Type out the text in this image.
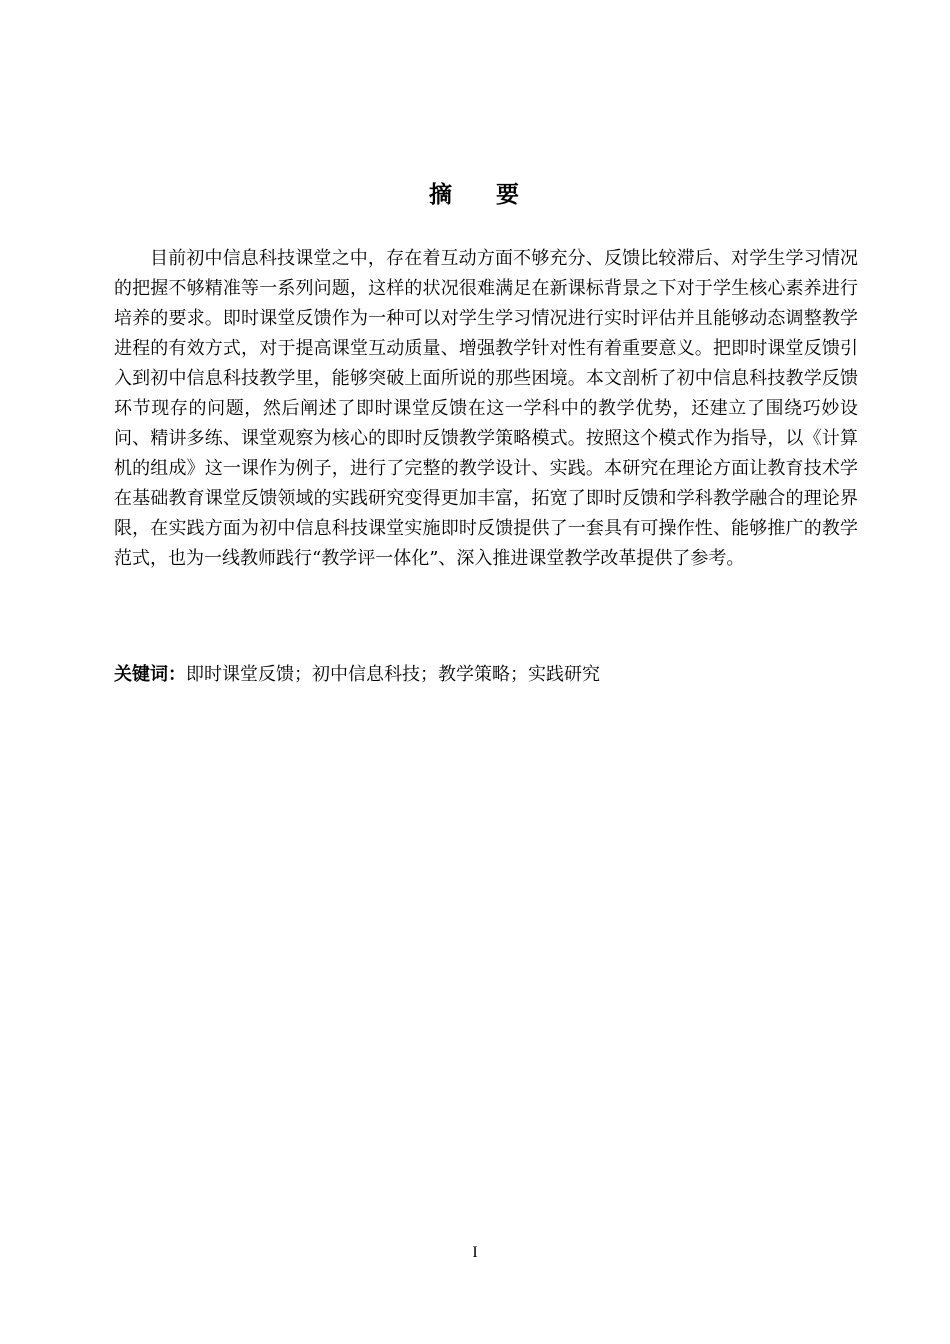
摘 要

目前初中信息科技课堂之中，存在着互动方面不够充分、反馈比较滞后、对学生学习情况的把握不够精准等一系列问题，这样的状况很难满足在新课标背景之下对于学生核心素养进行培养的要求。即时课堂反馈作为一种可以对学生学习情况进行实时评估并且能够动态调整教学进程的有效方式，对于提高课堂互动质量、增强教学针对性有着重要意义。把即时课堂反馈引入到初中信息科技教学里，能够突破上面所说的那些困境。本文剖析了初中信息科技教学反馈环节现存的问题，然后阐述了即时课堂反馈在这一学科中的教学优势，还建立了围绕巧妙设问、精讲多练、课堂观察为核心的即时反馈教学策略模式。按照这个模式作为指导，以《计算机的组成》这一课作为例子，进行了完整的教学设计、实践。本研究在理论方面让教育技术学在基础教育课堂反馈领域的实践研究变得更加丰富，拓宽了即时反馈和学科教学融合的理论界限，在实践方面为初中信息科技课堂实施即时反馈提供了一套具有可操作性、能够推广的教学范式，也为一线教师践行“教学评一体化”、深入推进课堂教学改革提供了参考。

关键词：即时课堂反馈；初中信息科技；教学策略；实践研究

I
